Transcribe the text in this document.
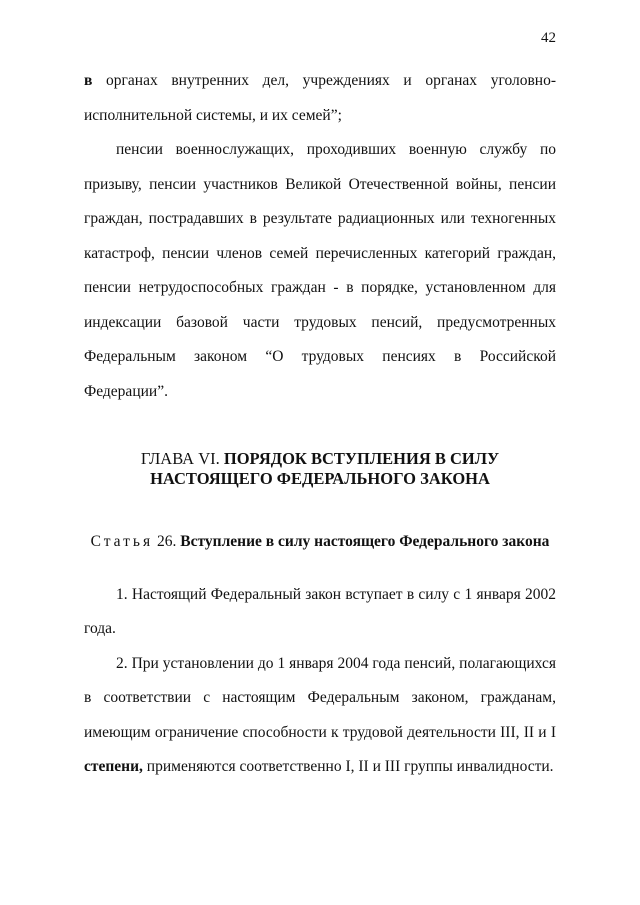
42

в органах внутренних дел, учреждениях и органах уголовно-исполнительной системы, и их семей”;

пенсии военнослужащих, проходивших военную службу по призыву, пенсии участников Великой Отечественной войны, пенсии граждан, пострадавших в результате радиационных или техногенных катастроф, пенсии членов семей перечисленных категорий граждан, пенсии нетрудоспособных граждан - в порядке, установленном для индексации базовой части трудовых пенсий, предусмотренных Федеральным законом “О трудовых пенсиях в Российской Федерации”.

ГЛАВА VI. ПОРЯДОК ВСТУПЛЕНИЯ В СИЛУ НАСТОЯЩЕГО ФЕДЕРАЛЬНОГО ЗАКОНА
Статья 26. Вступление в силу настоящего Федерального закона

1. Настоящий Федеральный закон вступает в силу с 1 января 2002 года.

2. При установлении до 1 января 2004 года пенсий, полагающихся в соответствии с настоящим Федеральным законом, гражданам, имеющим ограничение способности к трудовой деятельности III, II и I степени, применяются соответственно I, II и III группы инвалидности.
